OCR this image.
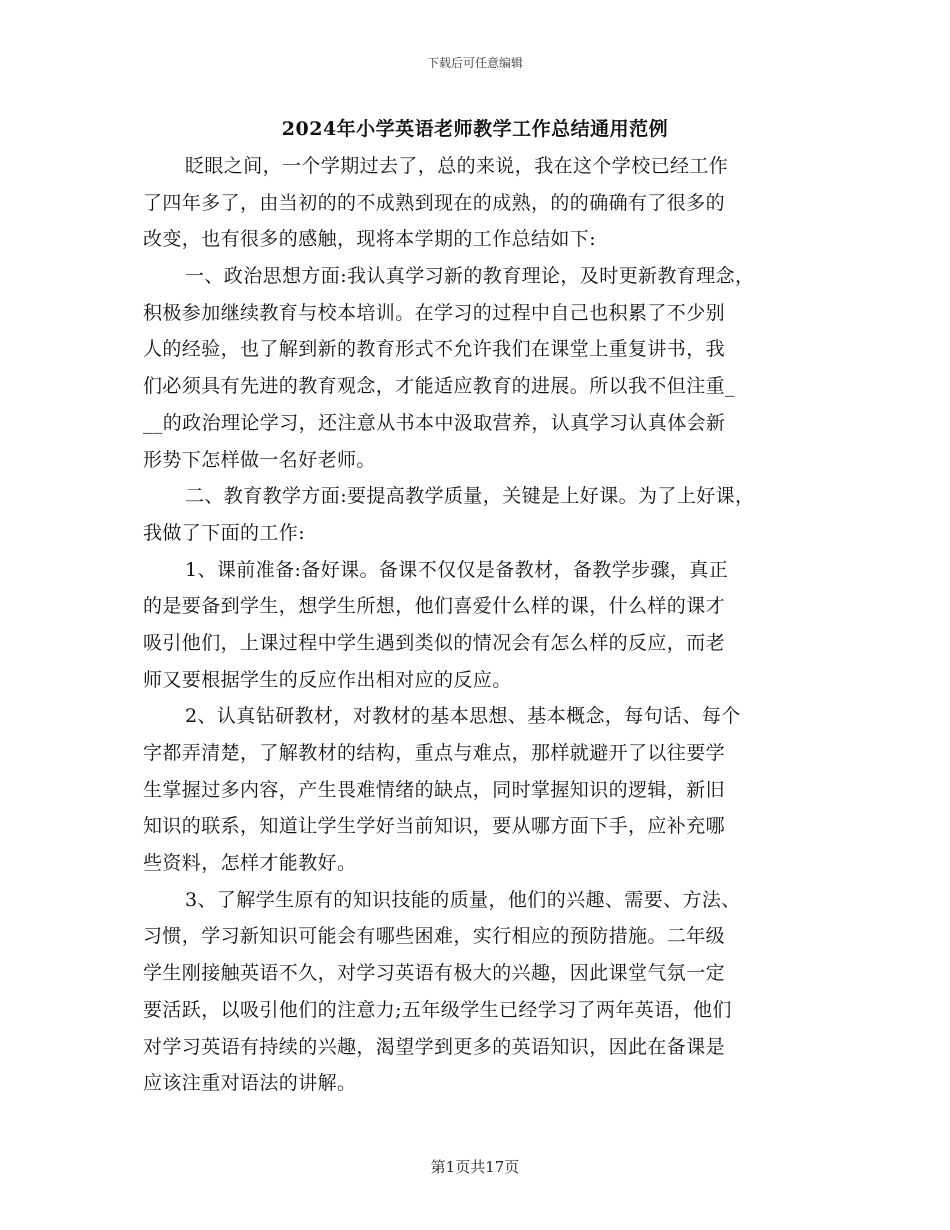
下载后可任意编辑
2024年小学英语老师教学工作总结通用范例
眨眼之间，一个学期过去了，总的来说，我在这个学校已经工作
了四年多了，由当初的的不成熟到现在的成熟，的的确确有了很多的
改变，也有很多的感触，现将本学期的工作总结如下:
一、政治思想方面:我认真学习新的教育理论，及时更新教育理念，
积极参加继续教育与校本培训。在学习的过程中自己也积累了不少别
人的经验，也了解到新的教育形式不允许我们在课堂上重复讲书，我
们必须具有先进的教育观念，才能适应教育的进展。所以我不但注重_
__的政治理论学习，还注意从书本中汲取营养，认真学习认真体会新
形势下怎样做一名好老师。
二、教育教学方面:要提高教学质量，关键是上好课。为了上好课，
我做了下面的工作:
1、课前准备:备好课。备课不仅仅是备教材，备教学步骤，真正
的是要备到学生，想学生所想，他们喜爱什么样的课，什么样的课才
吸引他们，上课过程中学生遇到类似的情况会有怎么样的反应，而老
师又要根据学生的反应作出相对应的反应。
2、认真钻研教材，对教材的基本思想、基本概念，每句话、每个
字都弄清楚，了解教材的结构，重点与难点，那样就避开了以往要学
生掌握过多内容，产生畏难情绪的缺点，同时掌握知识的逻辑，新旧
知识的联系，知道让学生学好当前知识，要从哪方面下手，应补充哪
些资料，怎样才能教好。
3、了解学生原有的知识技能的质量，他们的兴趣、需要、方法、
习惯，学习新知识可能会有哪些困难，实行相应的预防措施。二年级
学生刚接触英语不久，对学习英语有极大的兴趣，因此课堂气氛一定
要活跃，以吸引他们的注意力;五年级学生已经学习了两年英语，他们
对学习英语有持续的兴趣，渴望学到更多的英语知识，因此在备课是
应该注重对语法的讲解。
第1页共17页
